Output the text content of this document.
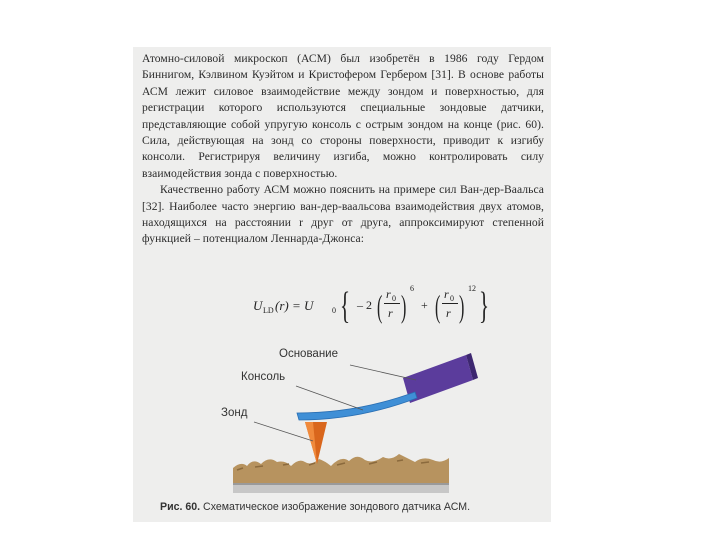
Атомно-силовой микроскоп (АСМ) был изобретён в 1986 году Гердом Биннигом, Кэлвином Куэйтом и Кристофером Гербером [31]. В основе работы АСМ лежит силовое взаимодействие между зондом и поверхностью, для регистрации которого используются специальные зондовые датчики, представляющие собой упругую консоль с острым зондом на конце (рис. 60). Сила, действующая на зонд со стороны поверхности, приводит к изгибу консоли. Регистрируя величину изгиба, можно контролировать силу взаимодействия зонда с поверхностью.

Качественно работу АСМ можно пояснить на примере сил Ван-дер-Ваальса [32]. Наиболее часто энергию ван-дер-ваальсова взаимодействия двух атомов, находящихся на расстоянии r друг от друга, аппроксимируют степенной функцией – потенциалом Леннарда-Джонса:

U LD (r) = U 0 { – 2 ( r 0
r ) 6
+ ( r 0
r ) 12 }
Основание
Консоль
Зонд
Рис. 60. Схематическое изображение зондового датчика АСМ.
